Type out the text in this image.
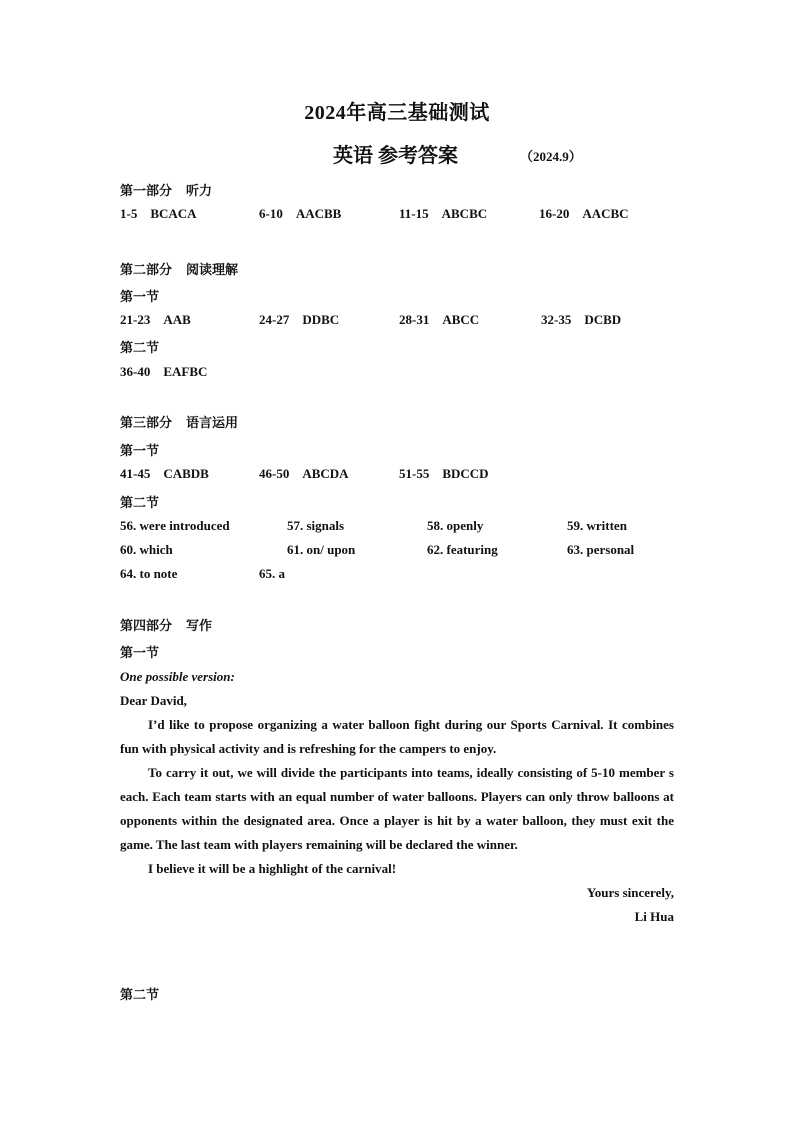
2024年高三基础测试
英语 参考答案	（2024.9）
第一部分 听力
1-5 BCACA	6-10 AACBB	11-15 ABCBC	16-20 AACBC
第二部分 阅读理解
第一节
21-23 AAB	24-27 DDBC	28-31 ABCC	32-35 DCBD
第二节
36-40 EAFBC
第三部分 语言运用
第一节
41-45 CABDB	46-50 ABCDA	51-55 BDCCD
第二节
56. were introduced	57. signals	58. openly	59. written
60. which	61. on/ upon	62. featuring	63. personal
64. to note	65. a
第四部分 写作
第一节

One possible version:

Dear David,

I’d like to propose organizing a water balloon fight during our Sports Carnival. It combines fun with physical activity and is refreshing for the campers to enjoy.

To carry it out, we will divide the participants into teams, ideally consisting of 5-10 member s each. Each team starts with an equal number of water balloons. Players can only throw balloons at opponents within the designated area. Once a player is hit by a water balloon, they must exit the game. The last team with players remaining will be declared the winner.

I believe it will be a highlight of the carnival!

Yours sincerely,

Li Hua

第二节
